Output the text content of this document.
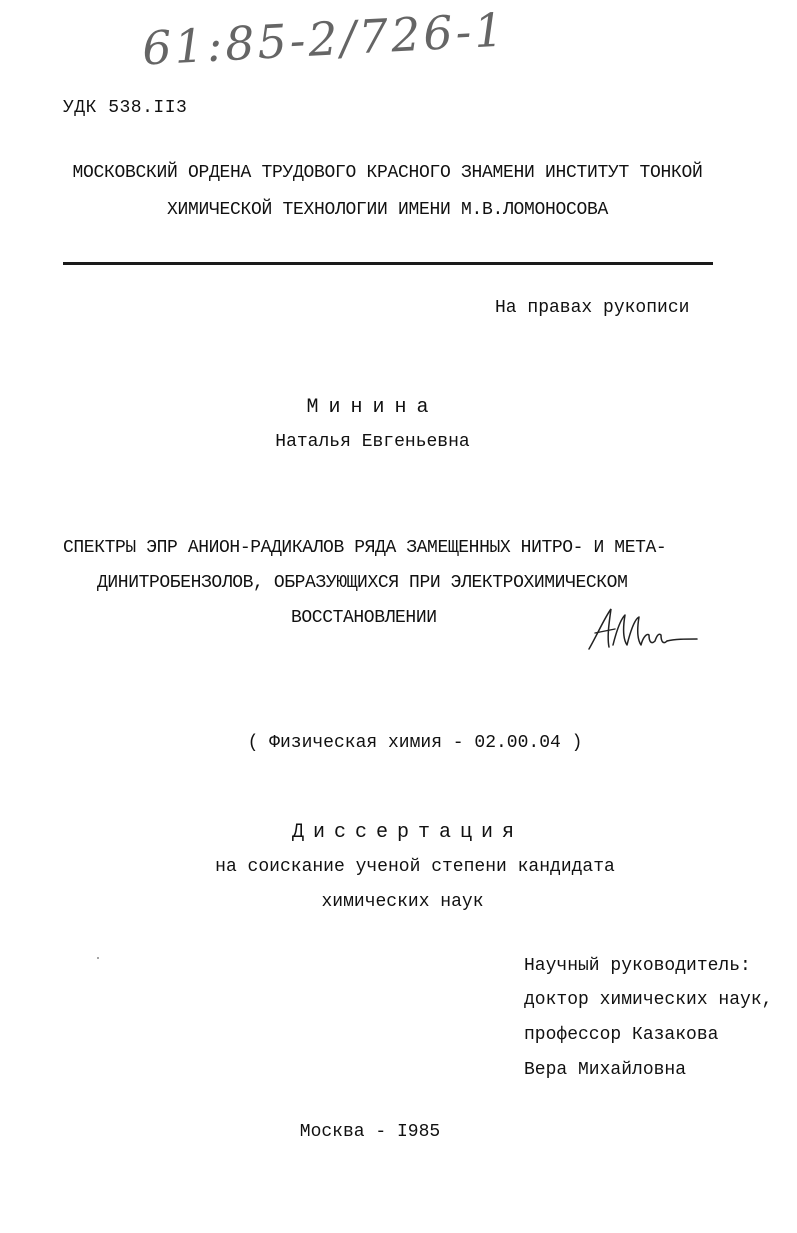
61:85-2/726-1
УДК 538.II3
МОСКОВСКИЙ ОРДЕНА ТРУДОВОГО КРАСНОГО ЗНАМЕНИ ИНСТИТУТ ТОНКОЙ
ХИМИЧЕСКОЙ ТЕХНОЛОГИИ ИМЕНИ М.В.ЛОМОНОСОВА
На правах рукописи
Минина
Наталья Евгеньевна
СПЕКТРЫ ЭПР АНИОН-РАДИКАЛОВ РЯДА ЗАМЕЩЕННЫХ НИТРО- И МЕТА-
ДИНИТРОБЕНЗОЛОВ, ОБРАЗУЮЩИХСЯ ПРИ ЭЛЕКТРОХИМИЧЕСКОМ
ВОССТАНОВЛЕНИИ
( Физическая химия - 02.00.04 )
Диссертация
на соискание ученой степени кандидата
химических наук
Научный руководитель:
доктор химических наук,
профессор Казакова
Вера Михайловна
Москва - I985
